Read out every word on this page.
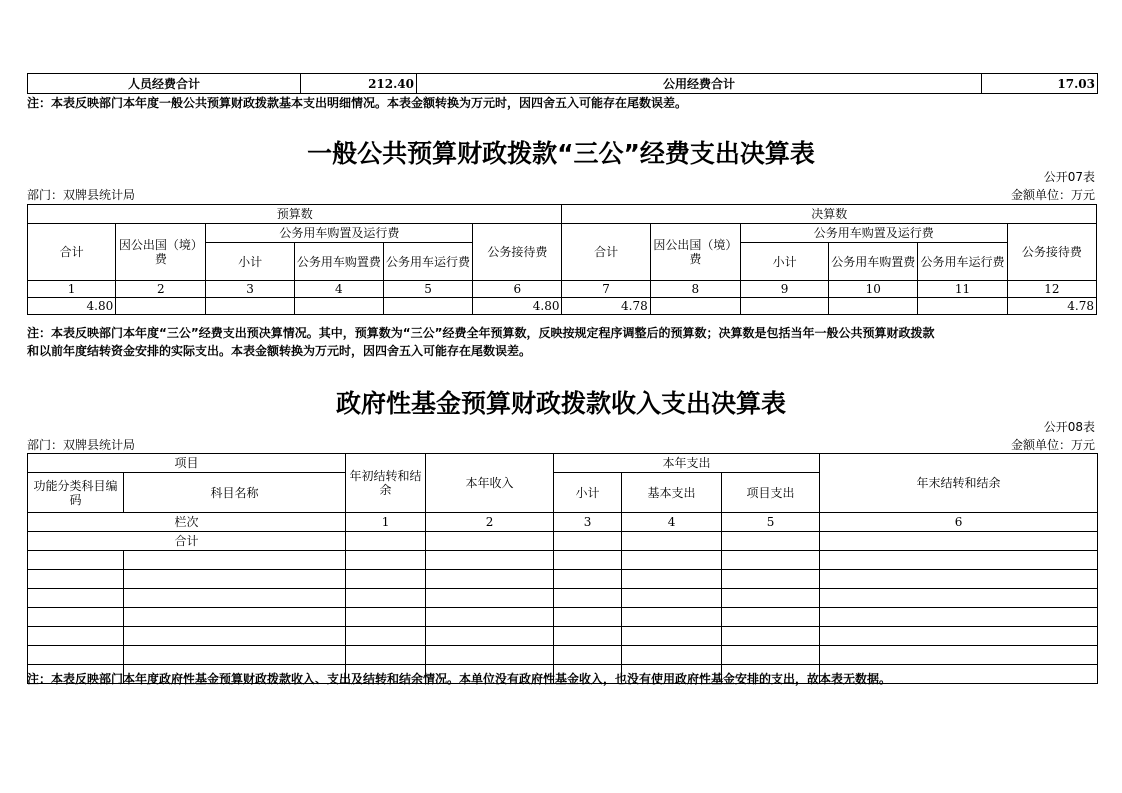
人员经费合计	212.40	公用经费合计	17.03
注：本表反映部门本年度一般公共预算财政拨款基本支出明细情况。本表金额转换为万元时，因四舍五入可能存在尾数误差。
一般公共预算财政拨款“三公”经费支出决算表
公开07表
部门：双牌县统计局	金额单位：万元
预算数						决算数					
合计	因公出国（境）费	公务用车购置及运行费			公务接待费	合计	因公出国（境）费	公务用车购置及运行费			公务接待费
		小计	公务用车购置费	公务用车运行费				小计	公务用车购置费	公务用车运行费	
1	2	3	4	5	6	7	8	9	10	11	12
4.80					4.80	4.78					4.78
注：本表反映部门本年度“三公”经费支出预决算情况。其中，预算数为“三公”经费全年预算数，反映按规定程序调整后的预算数；决算数是包括当年一般公共预算财政拨款
和以前年度结转资金安排的实际支出。本表金额转换为万元时，因四舍五入可能存在尾数误差。
政府性基金预算财政拨款收入支出决算表
公开08表
部门：双牌县统计局	金额单位：万元
项目		年初结转和结余	本年收入	本年支出			年末结转和结余
功能分类科目编码	科目名称			小计	基本支出	项目支出	
栏次		1	2	3	4	5	6
合计							

注：本表反映部门本年度政府性基金预算财政拨款收入、支出及结转和结余情况。本单位没有政府性基金收入，也没有使用政府性基金安排的支出，故本表无数据。
